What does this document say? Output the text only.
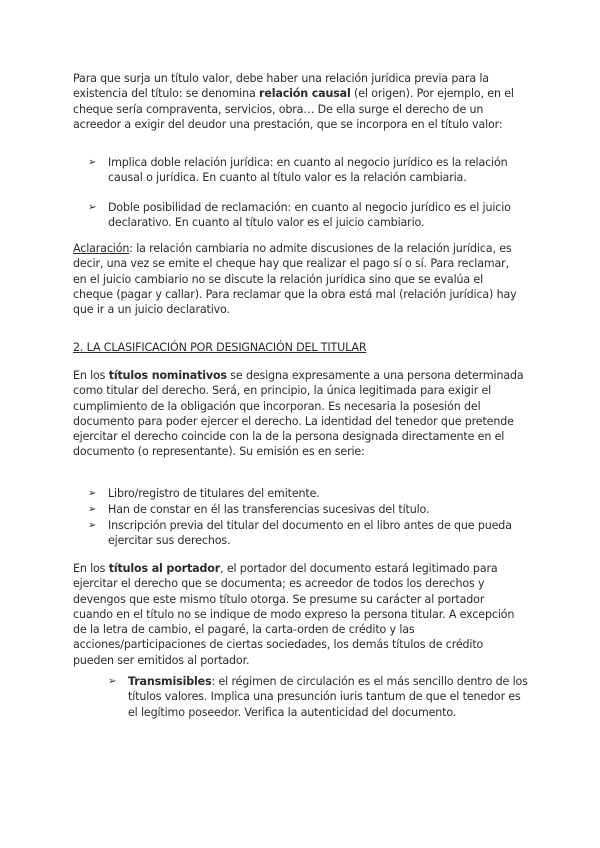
Para que surja un título valor, debe haber una relación jurídica previa para la existencia del título: se denomina relación causal (el origen). Por ejemplo, en el cheque sería compraventa, servicios, obra… De ella surge el derecho de un acreedor a exigir del deudor una prestación, que se incorpora en el título valor:

➢ Implica doble relación jurídica: en cuanto al negocio jurídico es la relación causal o jurídica. En cuanto al título valor es la relación cambiaria.
➢ Doble posibilidad de reclamación: en cuanto al negocio jurídico es el juicio declarativo. En cuanto al título valor es el juicio cambiario.

Aclaración: la relación cambiaria no admite discusiones de la relación jurídica, es decir, una vez se emite el cheque hay que realizar el pago sí o sí. Para reclamar, en el juicio cambiario no se discute la relación jurídica sino que se evalúa el cheque (pagar y callar). Para reclamar que la obra está mal (relación jurídica) hay que ir a un juicio declarativo.

2. LA CLASIFICACIÓN POR DESIGNACIÓN DEL TITULAR

En los títulos nominativos se designa expresamente a una persona determinada como titular del derecho. Será, en principio, la única legitimada para exigir el cumplimiento de la obligación que incorporan. Es necesaria la posesión del documento para poder ejercer el derecho. La identidad del tenedor que pretende ejercitar el derecho coincide con la de la persona designada directamente en el documento (o representante). Su emisión es en serie:

➢ Libro/registro de titulares del emitente.
➢ Han de constar en él las transferencias sucesivas del título.
➢ Inscripción previa del titular del documento en el libro antes de que pueda ejercitar sus derechos.

En los títulos al portador, el portador del documento estará legitimado para ejercitar el derecho que se documenta; es acreedor de todos los derechos y devengos que este mismo título otorga. Se presume su carácter al portador cuando en el título no se indique de modo expreso la persona titular. A excepción de la letra de cambio, el pagaré, la carta-orden de crédito y las acciones/participaciones de ciertas sociedades, los demás títulos de crédito pueden ser emitidos al portador.

➢ Transmisibles: el régimen de circulación es el más sencillo dentro de los títulos valores. Implica una presunción iuris tantum de que el tenedor es el legítimo poseedor. Verifica la autenticidad del documento.
